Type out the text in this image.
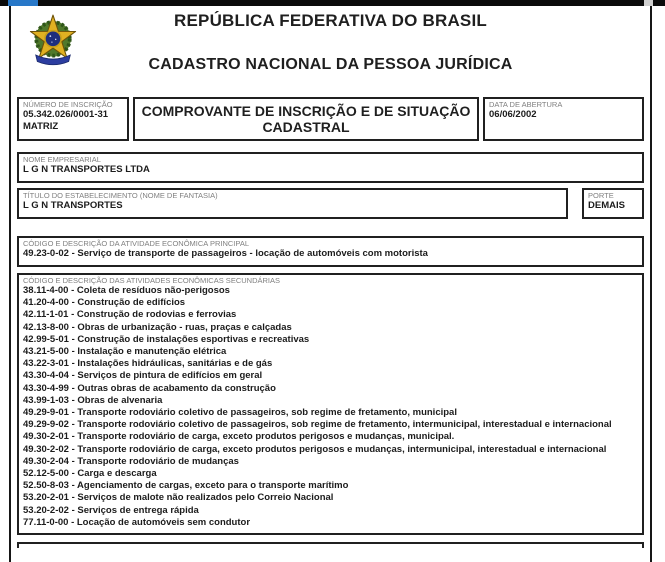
REPÚBLICA FEDERATIVA DO BRASIL
CADASTRO NACIONAL DA PESSOA JURÍDICA
NÚMERO DE INSCRIÇÃO
05.342.026/0001-31
MATRIZ
COMPROVANTE DE INSCRIÇÃO E DE SITUAÇÃO CADASTRAL
DATA DE ABERTURA
06/06/2002
NOME EMPRESARIAL
L G N TRANSPORTES LTDA
TÍTULO DO ESTABELECIMENTO (NOME DE FANTASIA)
L G N TRANSPORTES
PORTE
DEMAIS
CÓDIGO E DESCRIÇÃO DA ATIVIDADE ECONÔMICA PRINCIPAL
49.23-0-02 - Serviço de transporte de passageiros - locação de automóveis com motorista
CÓDIGO E DESCRIÇÃO DAS ATIVIDADES ECONÔMICAS SECUNDÁRIAS
38.11-4-00 - Coleta de resíduos não-perigosos
41.20-4-00 - Construção de edifícios
42.11-1-01 - Construção de rodovias e ferrovias
42.13-8-00 - Obras de urbanização - ruas, praças e calçadas
42.99-5-01 - Construção de instalações esportivas e recreativas
43.21-5-00 - Instalação e manutenção elétrica
43.22-3-01 - Instalações hidráulicas, sanitárias e de gás
43.30-4-04 - Serviços de pintura de edifícios em geral
43.30-4-99 - Outras obras de acabamento da construção
43.99-1-03 - Obras de alvenaria
49.29-9-01 - Transporte rodoviário coletivo de passageiros, sob regime de fretamento, municipal
49.29-9-02 - Transporte rodoviário coletivo de passageiros, sob regime de fretamento, intermunicipal, interestadual e internacional
49.30-2-01 - Transporte rodoviário de carga, exceto produtos perigosos e mudanças, municipal.
49.30-2-02 - Transporte rodoviário de carga, exceto produtos perigosos e mudanças, intermunicipal, interestadual e internacional
49.30-2-04 - Transporte rodoviário de mudanças
52.12-5-00 - Carga e descarga
52.50-8-03 - Agenciamento de cargas, exceto para o transporte marítimo
53.20-2-01 - Serviços de malote não realizados pelo Correio Nacional
53.20-2-02 - Serviços de entrega rápida
77.11-0-00 - Locação de automóveis sem condutor
